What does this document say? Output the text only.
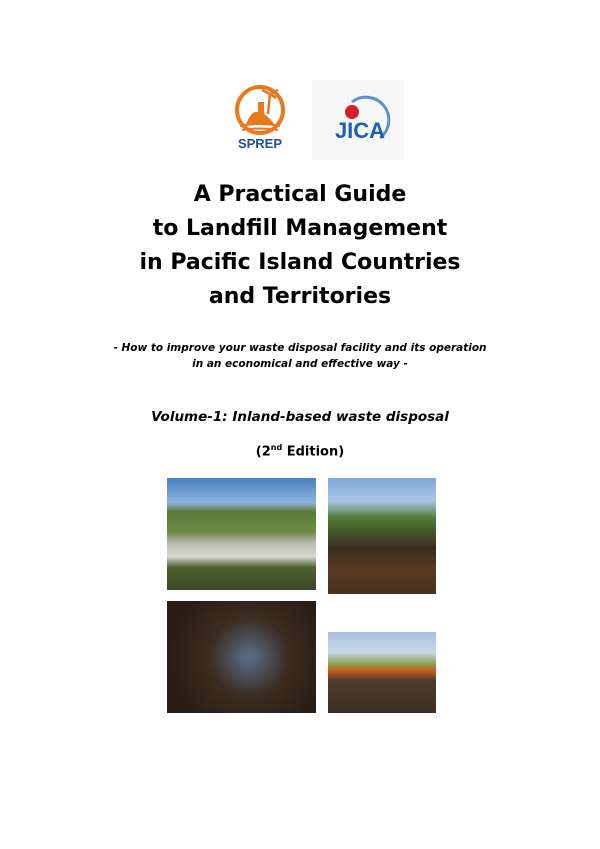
SPREP
JICA
A Practical Guide
to Landfill Management
in Pacific Island Countries
and Territories
- How to improve your waste disposal facility and its operation
in an economical and effective way -
Volume-1: Inland-based waste disposal
(2nd Edition)
